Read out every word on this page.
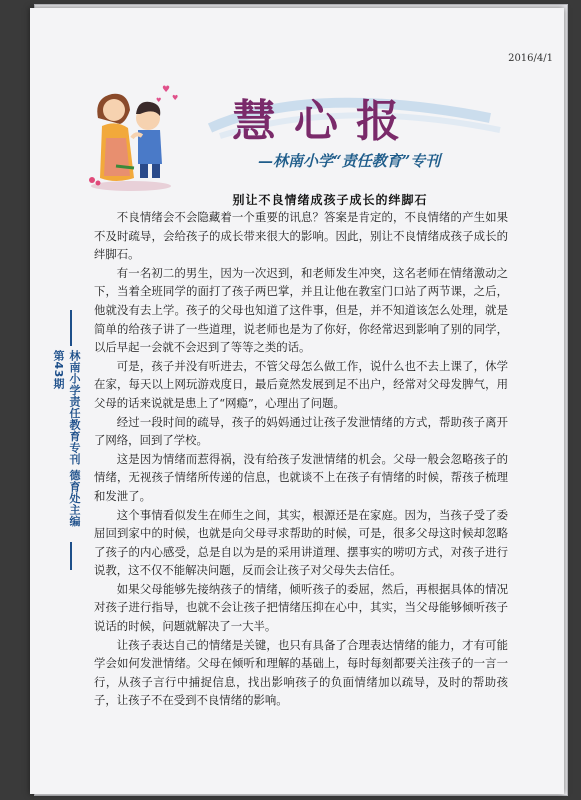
2016/4/1
♥
♥
♥ 慧心报
—林南小学“责任教育”专刊
别让不良情绪成孩子成长的绊脚石
林南小学责任教育专刊 德育处主编 第43期

不良情绪会不会隐藏着一个重要的讯息？答案是肯定的，不良情绪的产生如果不及时疏导，会给孩子的成长带来很大的影响。因此，别让不良情绪成孩子成长的绊脚石。

有一名初二的男生，因为一次迟到，和老师发生冲突，这名老师在情绪激动之下，当着全班同学的面打了孩子两巴掌，并且让他在教室门口站了两节课，之后，他就没有去上学。孩子的父母也知道了这件事，但是，并不知道该怎么处理，就是简单的给孩子讲了一些道理，说老师也是为了你好，你经常迟到影响了别的同学，以后早起一会就不会迟到了等等之类的话。

可是，孩子并没有听进去，不管父母怎么做工作，说什么也不去上课了，休学在家，每天以上网玩游戏度日，最后竟然发展到足不出户，经常对父母发脾气，用父母的话来说就是患上了“网瘾”，心理出了问题。

经过一段时间的疏导，孩子的妈妈通过让孩子发泄情绪的方式，帮助孩子离开了网络，回到了学校。

这是因为情绪而惹得祸，没有给孩子发泄情绪的机会。父母一般会忽略孩子的情绪，无视孩子情绪所传递的信息，也就谈不上在孩子有情绪的时候，帮孩子梳理和发泄了。

这个事情看似发生在师生之间，其实，根源还是在家庭。因为，当孩子受了委屈回到家中的时候，也就是向父母寻求帮助的时候，可是，很多父母这时候却忽略了孩子的内心感受，总是自以为是的采用讲道理、摆事实的唠叨方式，对孩子进行说教，这不仅不能解决问题，反而会让孩子对父母失去信任。

如果父母能够先接纳孩子的情绪，倾听孩子的委屈，然后，再根据具体的情况对孩子进行指导，也就不会让孩子把情绪压抑在心中，其实，当父母能够倾听孩子说话的时候，问题就解决了一大半。

让孩子表达自己的情绪是关键，也只有具备了合理表达情绪的能力，才有可能学会如何发泄情绪。父母在倾听和理解的基础上，每时每刻都要关注孩子的一言一行，从孩子言行中捕捉信息，找出影响孩子的负面情绪加以疏导，及时的帮助孩子，让孩子不在受到不良情绪的影响。
